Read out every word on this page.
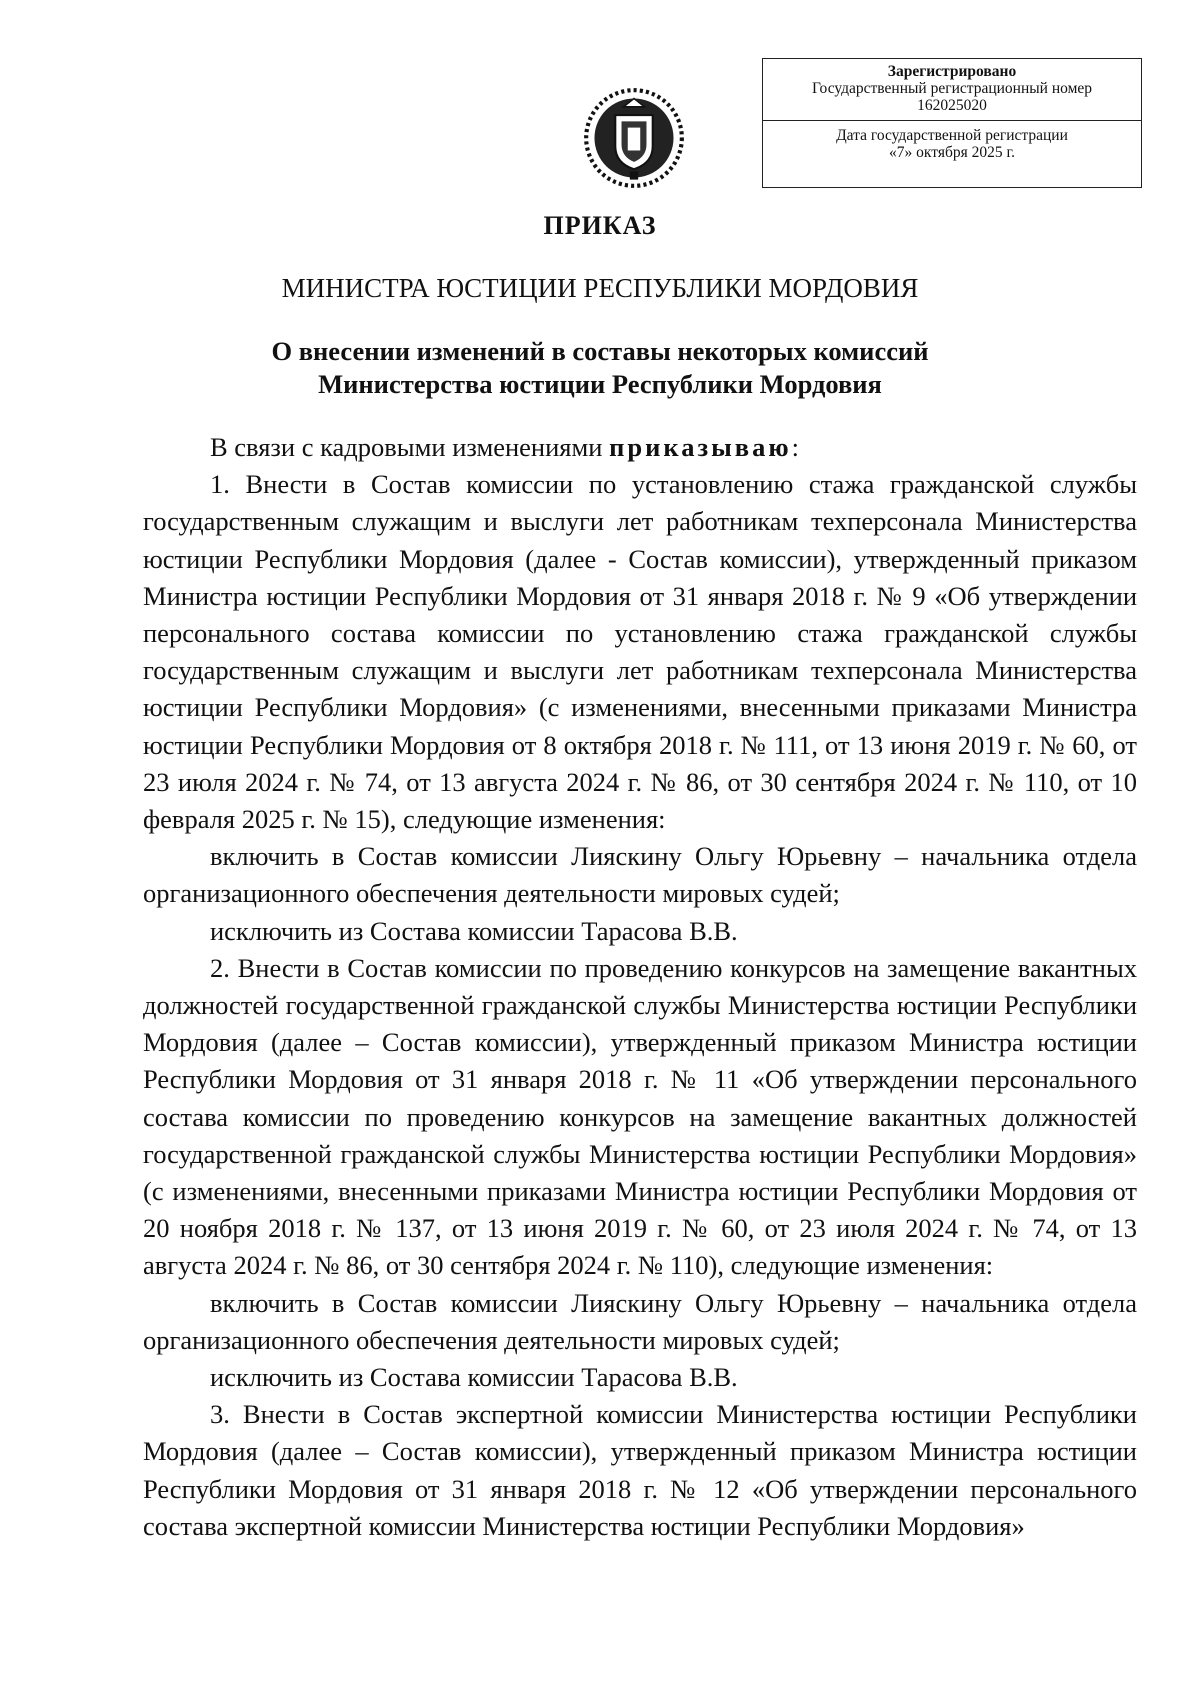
Зарегистрировано
Государственный регистрационный номер
162025020
Дата государственной регистрации
«7» октября 2025 г.
ПРИКАЗ
МИНИСТРА ЮСТИЦИИ РЕСПУБЛИКИ МОРДОВИЯ
О внесении изменений в составы некоторых комиссий
Министерства юстиции Республики Мордовия

В связи с кадровыми изменениями приказываю:

1. Внести в Состав комиссии по установлению стажа гражданской службы государственным служащим и выслуги лет работникам техперсонала Министерства юстиции Республики Мордовия (далее - Состав комиссии), утвержденный приказом Министра юстиции Республики Мордовия от 31 января 2018 г. № 9 «Об утверждении персонального состава комиссии по установлению стажа гражданской службы государственным служащим и выслуги лет работникам техперсонала Министерства юстиции Республики Мордовия» (с изменениями, внесенными приказами Министра юстиции Республики Мордовия от 8 октября 2018 г. № 111, от 13 июня 2019 г. № 60, от 23 июля 2024 г. № 74, от 13 августа 2024 г. № 86, от 30 сентября 2024 г. № 110, от 10 февраля 2025 г. № 15), следующие изменения:

включить в Состав комиссии Лияскину Ольгу Юрьевну – начальника отдела организационного обеспечения деятельности мировых судей;

исключить из Состава комиссии Тарасова В.В.

2. Внести в Состав комиссии по проведению конкурсов на замещение вакантных должностей государственной гражданской службы Министерства юстиции Республики Мордовия (далее – Состав комиссии), утвержденный приказом Министра юстиции Республики Мордовия от 31 января 2018 г. № 11 «Об утверждении персонального состава комиссии по проведению конкурсов на замещение вакантных должностей государственной гражданской службы Министерства юстиции Республики Мордовия» (с изменениями, внесенными приказами Министра юстиции Республики Мордовия от 20 ноября 2018 г. № 137, от 13 июня 2019 г. № 60, от 23 июля 2024 г. № 74, от 13 августа 2024 г. № 86, от 30 сентября 2024 г. № 110), следующие изменения:

включить в Состав комиссии Лияскину Ольгу Юрьевну – начальника отдела организационного обеспечения деятельности мировых судей;

исключить из Состава комиссии Тарасова В.В.

3. Внести в Состав экспертной комиссии Министерства юстиции Республики Мордовия (далее – Состав комиссии), утвержденный приказом Министра юстиции Республики Мордовия от 31 января 2018 г. № 12 «Об утверждении персонального состава экспертной комиссии Министерства юстиции Республики Мордовия»
